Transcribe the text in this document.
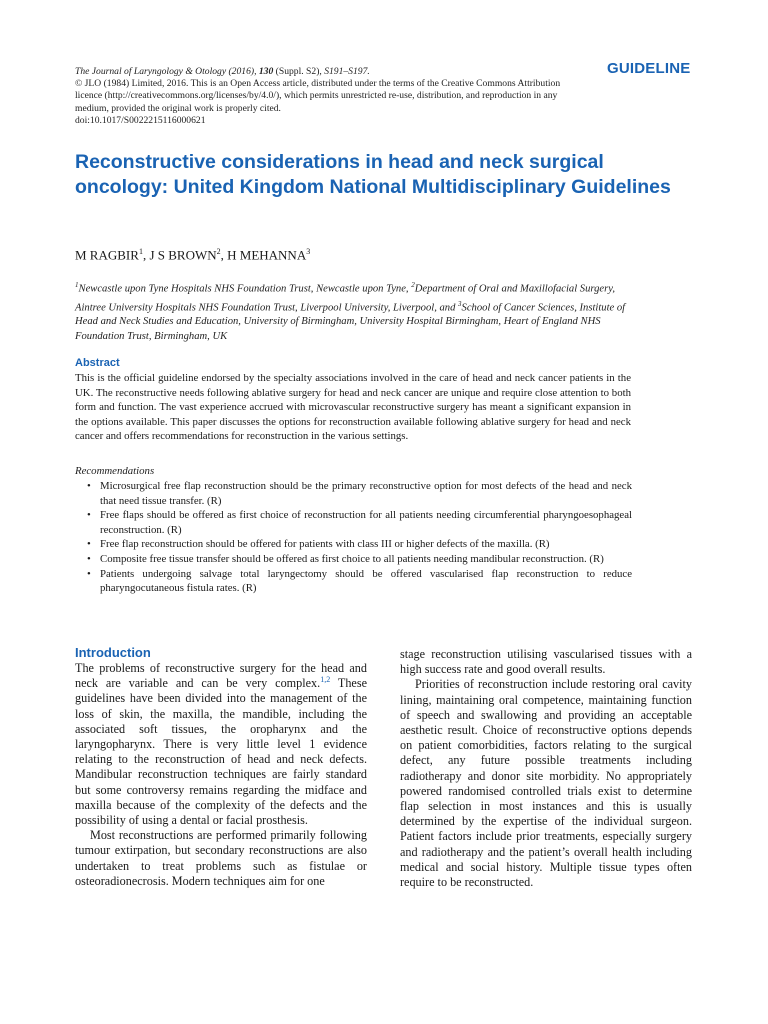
The Journal of Laryngology & Otology (2016), 130 (Suppl. S2), S191–S197.
© JLO (1984) Limited, 2016. This is an Open Access article, distributed under the terms of the Creative Commons Attribution licence (http://creativecommons.org/licenses/by/4.0/), which permits unrestricted re-use, distribution, and reproduction in any medium, provided the original work is properly cited.
doi:10.1017/S0022215116000621
GUIDELINE
Reconstructive considerations in head and neck surgical oncology: United Kingdom National Multidisciplinary Guidelines
M RAGBIR$^1$, J S BROWN$^2$, H MEHANNA$^3$
$^1$Newcastle upon Tyne Hospitals NHS Foundation Trust, Newcastle upon Tyne, $^2$Department of Oral and Maxillofacial Surgery, Aintree University Hospitals NHS Foundation Trust, Liverpool University, Liverpool, and $^3$School of Cancer Sciences, Institute of Head and Neck Studies and Education, University of Birmingham, University Hospital Birmingham, Heart of England NHS Foundation Trust, Birmingham, UK
Abstract
This is the official guideline endorsed by the specialty associations involved in the care of head and neck cancer patients in the UK. The reconstructive needs following ablative surgery for head and neck cancer are unique and require close attention to both form and function. The vast experience accrued with microvascular reconstructive surgery has meant a significant expansion in the options available. This paper discusses the options for reconstruction available following ablative surgery for head and neck cancer and offers recommendations for reconstruction in the various settings.
Recommendations
• Microsurgical free flap reconstruction should be the primary reconstructive option for most defects of the head and neck that need tissue transfer. (R)
• Free flaps should be offered as first choice of reconstruction for all patients needing circumferential pharyngoesophageal reconstruction. (R)
• Free flap reconstruction should be offered for patients with class III or higher defects of the maxilla. (R)
• Composite free tissue transfer should be offered as first choice to all patients needing mandibular reconstruction. (R)
• Patients undergoing salvage total laryngectomy should be offered vascularised flap reconstruction to reduce pharyngocutaneous fistula rates. (R)
Introduction

The problems of reconstructive surgery for the head and neck are variable and can be very complex.$^{1,2}$ These guidelines have been divided into the management of the loss of skin, the maxilla, the mandible, including the associated soft tissues, the oropharynx and the laryngopharynx. There is very little level 1 evidence relating to the reconstruction of head and neck defects. Mandibular reconstruction techniques are fairly standard but some controversy remains regarding the midface and maxilla because of the complexity of the defects and the possibility of using a dental or facial prosthesis.

Most reconstructions are performed primarily following tumour extirpation, but secondary reconstructions are also undertaken to treat problems such as fistulae or osteoradionecrosis. Modern techniques aim for one

stage reconstruction utilising vascularised tissues with a high success rate and good overall results.

Priorities of reconstruction include restoring oral cavity lining, maintaining oral competence, maintaining function of speech and swallowing and providing an acceptable aesthetic result. Choice of reconstructive options depends on patient comorbidities, factors relating to the surgical defect, any future possible treatments including radiotherapy and donor site morbidity. No appropriately powered randomised controlled trials exist to determine flap selection in most instances and this is usually determined by the expertise of the individual surgeon. Patient factors include prior treatments, especially surgery and radiotherapy and the patient’s overall health including medical and social history. Multiple tissue types often require to be reconstructed.
